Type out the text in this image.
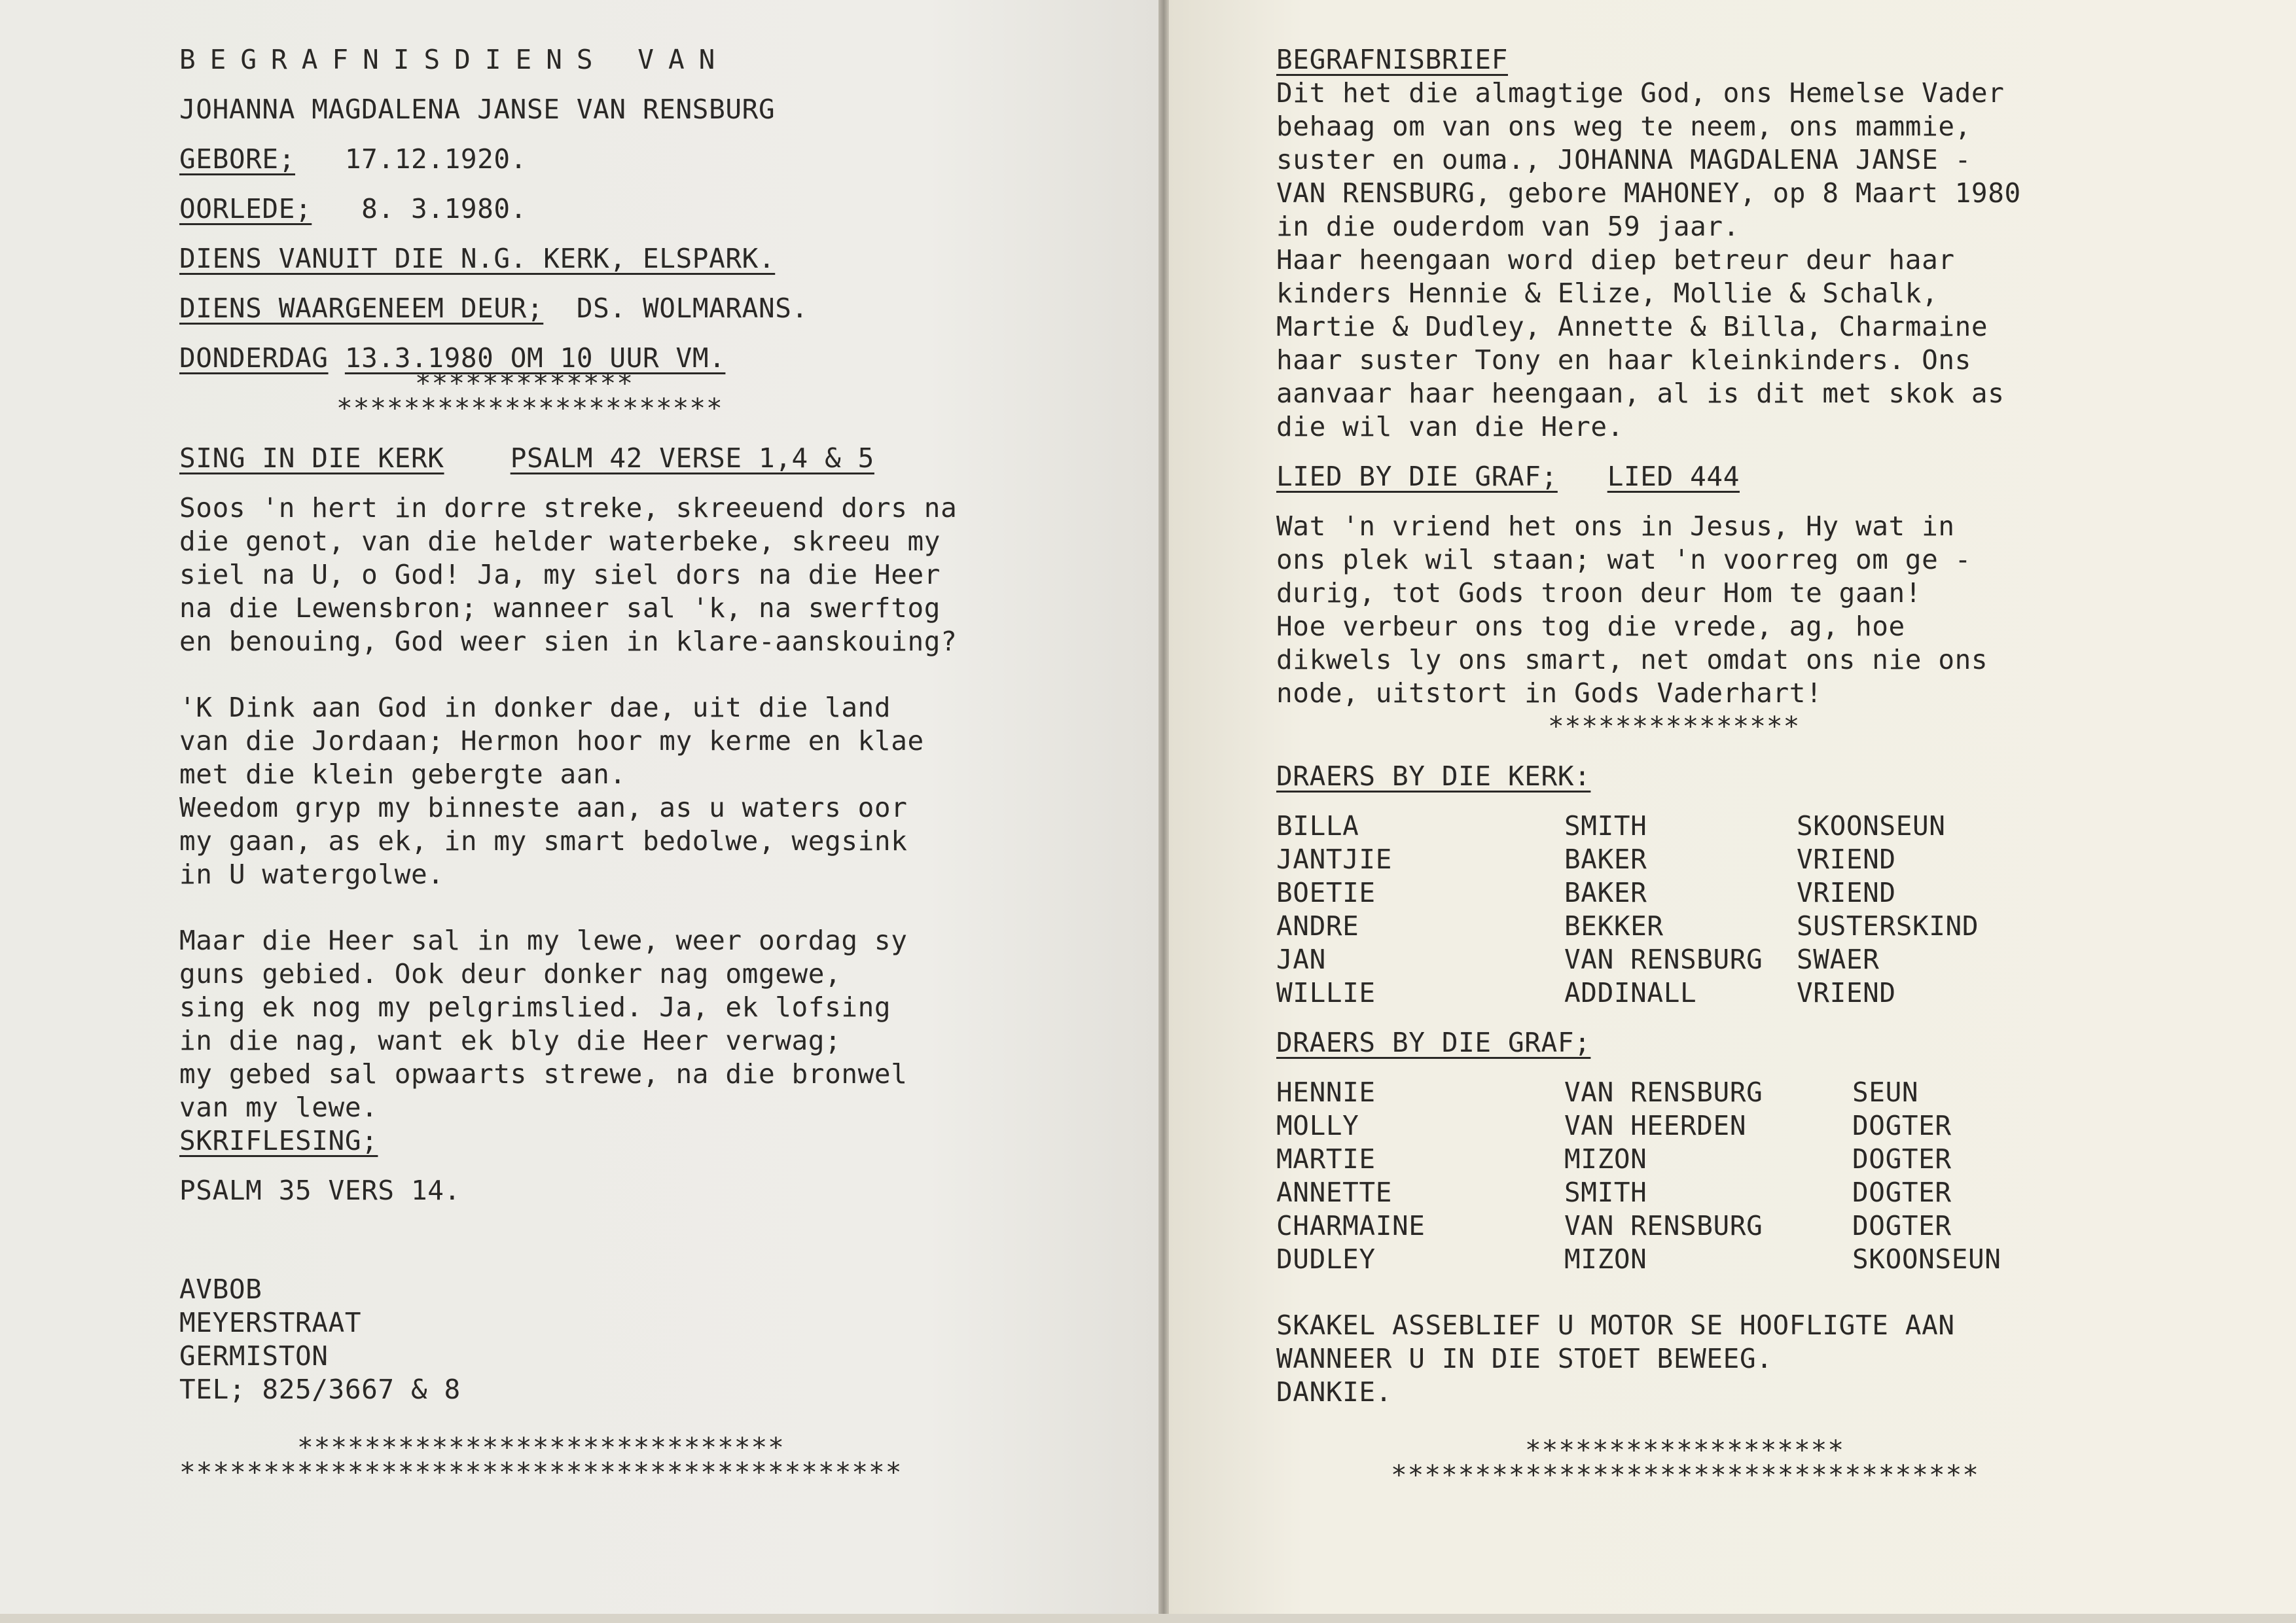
BEGRAFNISDIENS VAN
JOHANNA MAGDALENA JANSE VAN RENSBURG
GEBORE; 17.12.1920.
OORLEDE; 8. 3.1980.
DIENS VANUIT DIE N.G. KERK, ELSPARK.
DIENS WAARGENEEM DEUR; DS. WOLMARANS.
DONDERDAG 13.3.1980 OM 10 UUR VM.
*************
***********************
SING IN DIE KERK PSALM 42 VERSE 1,4 & 5
Soos 'n hert in dorre streke, skreeuend dors na
die genot, van die helder waterbeke, skreeu my
siel na U, o God! Ja, my siel dors na die Heer
na die Lewensbron; wanneer sal 'k, na swerftog
en benouing, God weer sien in klare-aanskouing?
'K Dink aan God in donker dae, uit die land
van die Jordaan; Hermon hoor my kerme en klae
met die klein gebergte aan.
Weedom gryp my binneste aan, as u waters oor
my gaan, as ek, in my smart bedolwe, wegsink
in U watergolwe.
Maar die Heer sal in my lewe, weer oordag sy
guns gebied. Ook deur donker nag omgewe,
sing ek nog my pelgrimslied. Ja, ek lofsing
in die nag, want ek bly die Heer verwag;
my gebed sal opwaarts strewe, na die bronwel
van my lewe.
SKRIFLESING;
PSALM 35 VERS 14.
AVBOB
MEYERSTRAAT
GERMISTON
TEL; 825/3667 & 8
*****************************
*******************************************
BEGRAFNISBRIEF
Dit het die almagtige God, ons Hemelse Vader
behaag om van ons weg te neem, ons mammie,
suster en ouma., JOHANNA MAGDALENA JANSE -
VAN RENSBURG, gebore MAHONEY, op 8 Maart 1980
in die ouderdom van 59 jaar.
Haar heengaan word diep betreur deur haar
kinders Hennie & Elize, Mollie & Schalk,
Martie & Dudley, Annette & Billa, Charmaine
haar suster Tony en haar kleinkinders. Ons
aanvaar haar heengaan, al is dit met skok as
die wil van die Here.
LIED BY DIE GRAF; LIED 444
Wat 'n vriend het ons in Jesus, Hy wat in
ons plek wil staan; wat 'n voorreg om ge -
durig, tot Gods troon deur Hom te gaan!
Hoe verbeur ons tog die vrede, ag, hoe
dikwels ly ons smart, net omdat ons nie ons
node, uitstort in Gods Vaderhart!
***************
DRAERS BY DIE KERK:
BILLA	SMITH	SKOONSEUN
JANTJIE	BAKER	VRIEND
BOETIE	BAKER	VRIEND
ANDRE	BEKKER	SUSTERSKIND
JAN	VAN RENSBURG	SWAER
WILLIE	ADDINALL	VRIEND
DRAERS BY DIE GRAF;
HENNIE	VAN RENSBURG	SEUN
MOLLY	VAN HEERDEN	DOGTER
MARTIE	MIZON	DOGTER
ANNETTE	SMITH	DOGTER
CHARMAINE	VAN RENSBURG	DOGTER
DUDLEY	MIZON	SKOONSEUN
SKAKEL ASSEBLIEF U MOTOR SE HOOFLIGTE AAN
WANNEER U IN DIE STOET BEWEEG.
DANKIE.
*******************
***********************************
